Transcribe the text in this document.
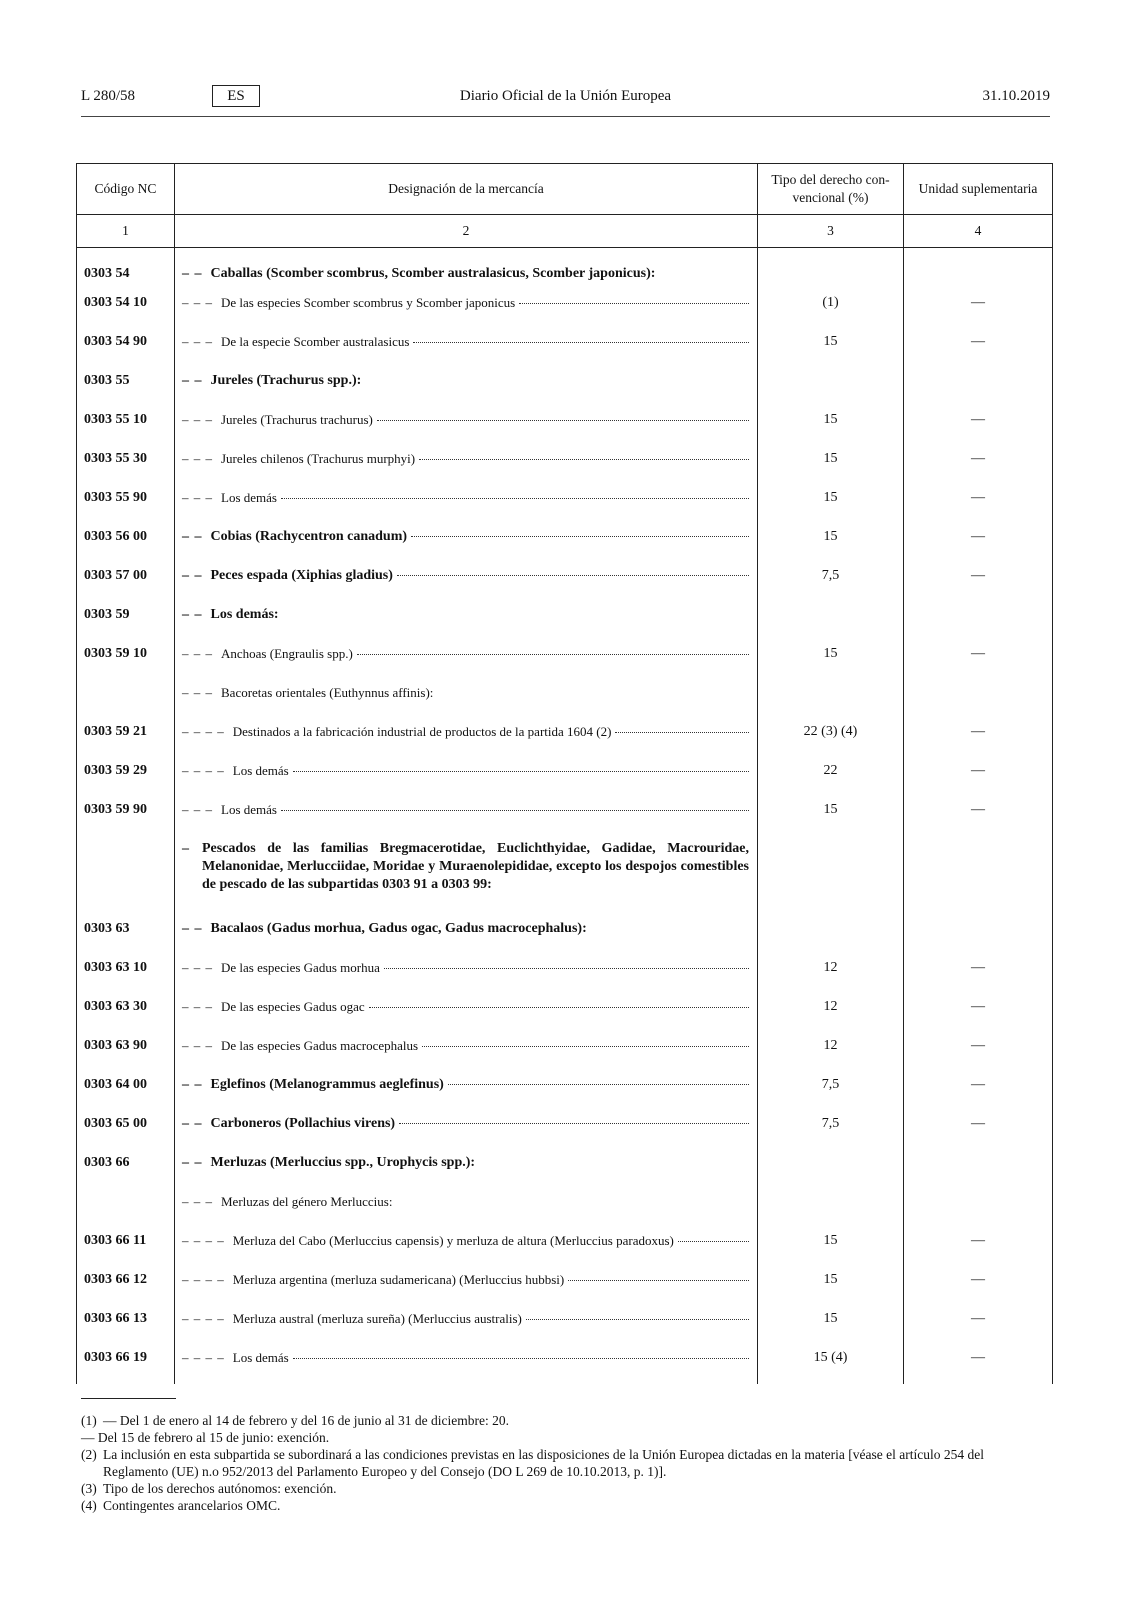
L 280/58	ES	Diario Oficial de la Unión Europea	31.10.2019
Código NC	Designación de la mercancía	Tipo del derecho con-vencional (%)	Unidad suplementaria
1	2	3	4
0303 54	– – Caballas (Scomber scombrus, Scomber australasicus, Scomber japonicus):		

0303 54 10	– – – De las especies Scomber scombrus y Scomber japonicus	(1)	—
0303 54 90	– – – De la especie Scomber australasicus	15	—
0303 55	– – Jureles (Trachurus spp.):		

0303 55 10	– – – Jureles (Trachurus trachurus)	15	—
0303 55 30	– – – Jureles chilenos (Trachurus murphyi)	15	—
0303 55 90	– – – Los demás	15	—
0303 56 00	– – Cobias (Rachycentron canadum)	15	—
0303 57 00	– – Peces espada (Xiphias gladius)	7,5	—
0303 59	– – Los demás:		

0303 59 10	– – – Anchoas (Engraulis spp.)	15	—

	– – – Bacoretas orientales (Euthynnus affinis):		

0303 59 21	– – – – Destinados a la fabricación industrial de productos de la partida 1604 (2)	22 (3) (4)	—
0303 59 29	– – – – Los demás	22	—
0303 59 90	– – – Los demás	15	—

	– Pescados de las familias Bregmacerotidae, Euclichthyidae, Gadidae, Macrouridae, Melanonidae, Merlucciidae, Moridae y Muraenolepididae, excepto los despojos comestibles de pescado de las subpartidas 0303 91 a 0303 99:		

0303 63	– – Bacalaos (Gadus morhua, Gadus ogac, Gadus macrocephalus):		

0303 63 10	– – – De las especies Gadus morhua	12	—
0303 63 30	– – – De las especies Gadus ogac	12	—
0303 63 90	– – – De las especies Gadus macrocephalus	12	—
0303 64 00	– – Eglefinos (Melanogrammus aeglefinus)	7,5	—
0303 65 00	– – Carboneros (Pollachius virens)	7,5	—
0303 66	– – Merluzas (Merluccius spp., Urophycis spp.):		

	– – – Merluzas del género Merluccius:		

0303 66 11	– – – – Merluza del Cabo (Merluccius capensis) y merluza de altura (Merluccius paradoxus)	15	—
0303 66 12	– – – – Merluza argentina (merluza sudamericana) (Merluccius hubbsi)	15	—
0303 66 13	– – – – Merluza austral (merluza sureña) (Merluccius australis)	15	—
0303 66 19	– – – – Los demás	15 (4)	—
(1) — Del 1 de enero al 14 de febrero y del 16 de junio al 31 de diciembre: 20.
— Del 15 de febrero al 15 de junio: exención.
(2) La inclusión en esta subpartida se subordinará a las condiciones previstas en las disposiciones de la Unión Europea dictadas en la materia [véase el artículo 254 del Reglamento (UE) n.o 952/2013 del Parlamento Europeo y del Consejo (DO L 269 de 10.10.2013, p. 1)].
(3) Tipo de los derechos autónomos: exención.
(4) Contingentes arancelarios OMC.
